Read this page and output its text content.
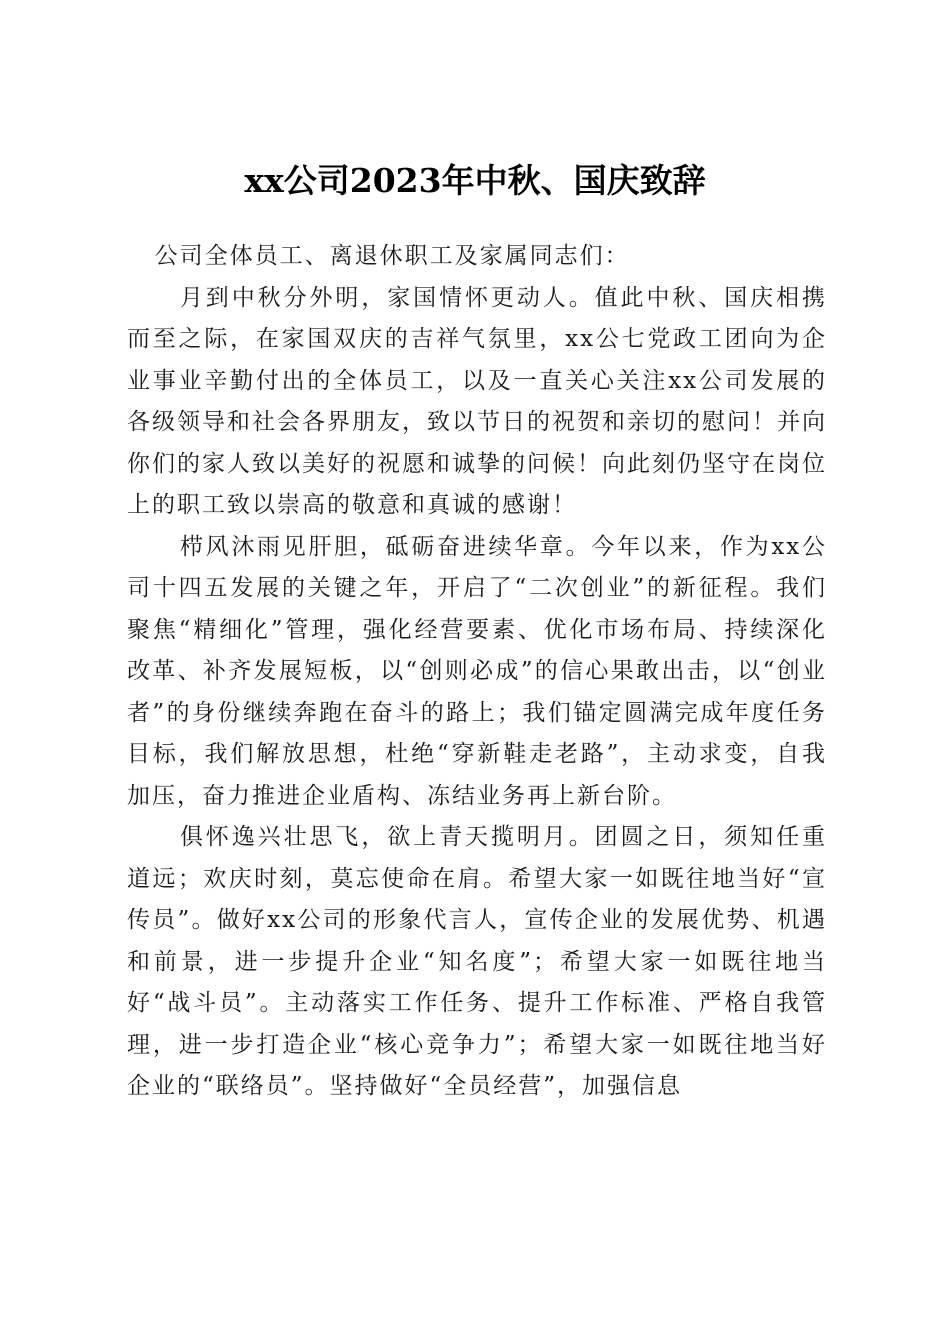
xx公司2023年中秋、国庆致辞

公司全体员工、离退休职工及家属同志们：

月到中秋分外明，家国情怀更动人。值此中秋、国庆相携而至之际，在家国双庆的吉祥气氛里，xx公七党政工团向为企业事业辛勤付出的全体员工，以及一直关心关注xx公司发展的各级领导和社会各界朋友，致以节日的祝贺和亲切的慰问！并向你们的家人致以美好的祝愿和诚挚的问候！向此刻仍坚守在岗位上的职工致以崇高的敬意和真诚的感谢！

栉风沐雨见肝胆，砥砺奋进续华章。今年以来，作为xx公司十四五发展的关键之年，开启了“二次创业”的新征程。我们聚焦“精细化”管理，强化经营要素、优化市场布局、持续深化改革、补齐发展短板，以“创则必成”的信心果敢出击，以“创业者”的身份继续奔跑在奋斗的路上；我们锚定圆满完成年度任务目标，我们解放思想，杜绝“穿新鞋走老路”，主动求变，自我加压，奋力推进企业盾构、冻结业务再上新台阶。

俱怀逸兴壮思飞，欲上青天揽明月。团圆之日，须知任重道远；欢庆时刻，莫忘使命在肩。希望大家一如既往地当好“宣传员”。做好xx公司的形象代言人，宣传企业的发展优势、机遇和前景，进一步提升企业“知名度”；希望大家一如既往地当好“战斗员”。主动落实工作任务、提升工作标准、严格自我管理，进一步打造企业“核心竞争力”；希望大家一如既往地当好企业的“联络员”。坚持做好“全员经营”，加强信息
